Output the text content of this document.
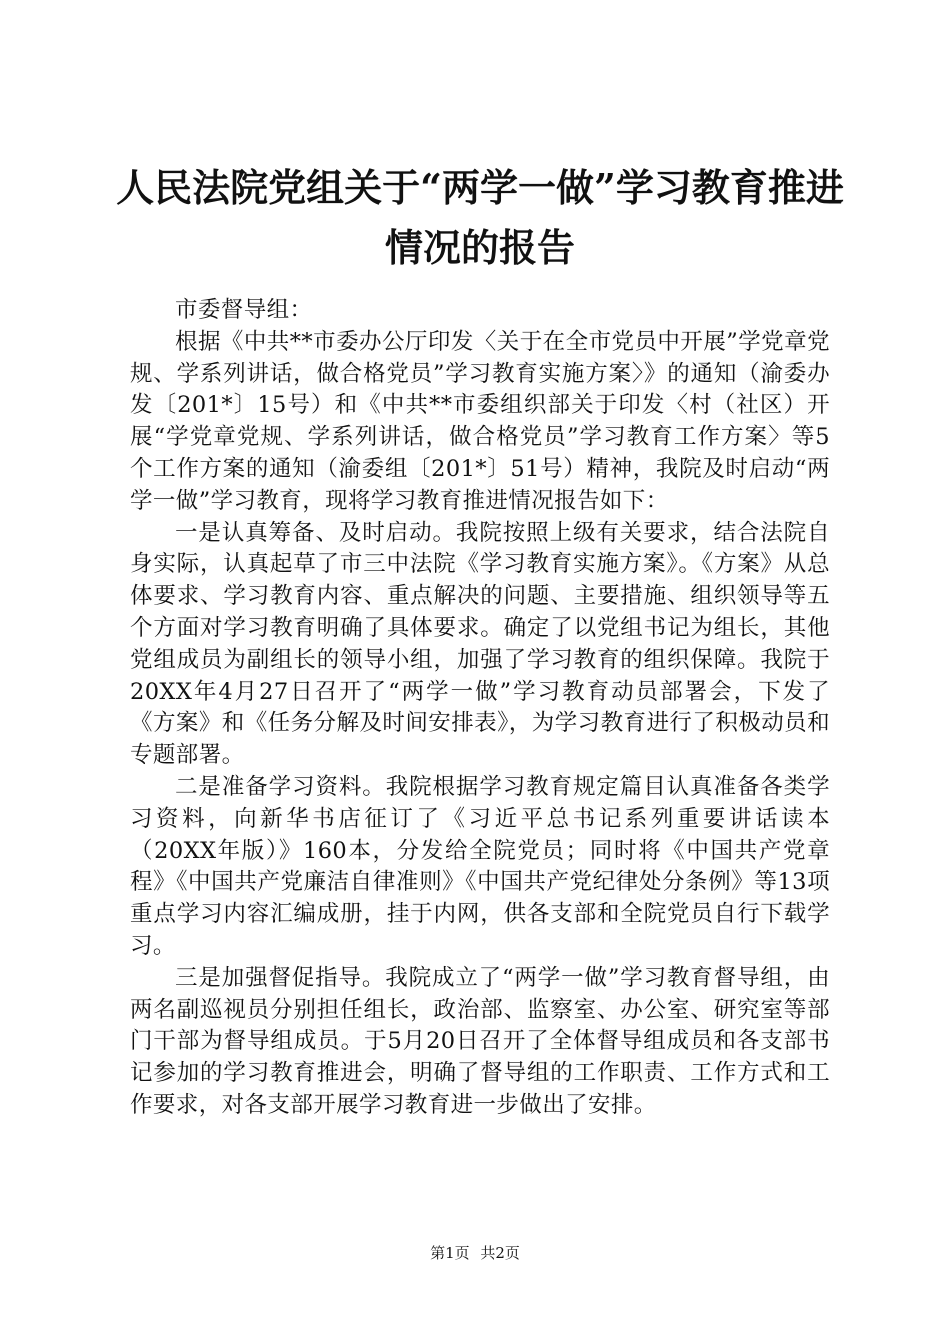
人民法院党组关于“两学一做”学习教育推进
情况的报告

市委督导组：

根据《中共**市委办公厅印发〈关于在全市党员中开展”学党章党规、学系列讲话，做合格党员”学习教育实施方案〉》的通知（渝委办发〔201*〕15号）和《中共**市委组织部关于印发〈村（社区）开展“学党章党规、学系列讲话，做合格党员”学习教育工作方案〉等5个工作方案的通知（渝委组〔201*〕51号）精神，我院及时启动“两学一做”学习教育，现将学习教育推进情况报告如下：

一是认真筹备、及时启动。我院按照上级有关要求，结合法院自身实际，认真起草了市三中法院《学习教育实施方案》。《方案》从总体要求、学习教育内容、重点解决的问题、主要措施、组织领导等五个方面对学习教育明确了具体要求。确定了以党组书记为组长，其他党组成员为副组长的领导小组，加强了学习教育的组织保障。我院于20XX年4月27日召开了“两学一做”学习教育动员部署会，下发了《方案》和《任务分解及时间安排表》，为学习教育进行了积极动员和专题部署。

二是准备学习资料。我院根据学习教育规定篇目认真准备各类学习资料，向新华书店征订了《习近平总书记系列重要讲话读本（20XX年版）》160本，分发给全院党员；同时将《中国共产党章程》《中国共产党廉洁自律准则》《中国共产党纪律处分条例》等13项重点学习内容汇编成册，挂于内网，供各支部和全院党员自行下载学习。

三是加强督促指导。我院成立了“两学一做”学习教育督导组，由两名副巡视员分别担任组长，政治部、监察室、办公室、研究室等部门干部为督导组成员。于5月20日召开了全体督导组成员和各支部书记参加的学习教育推进会，明确了督导组的工作职责、工作方式和工作要求，对各支部开展学习教育进一步做出了安排。

第1页 共2页
